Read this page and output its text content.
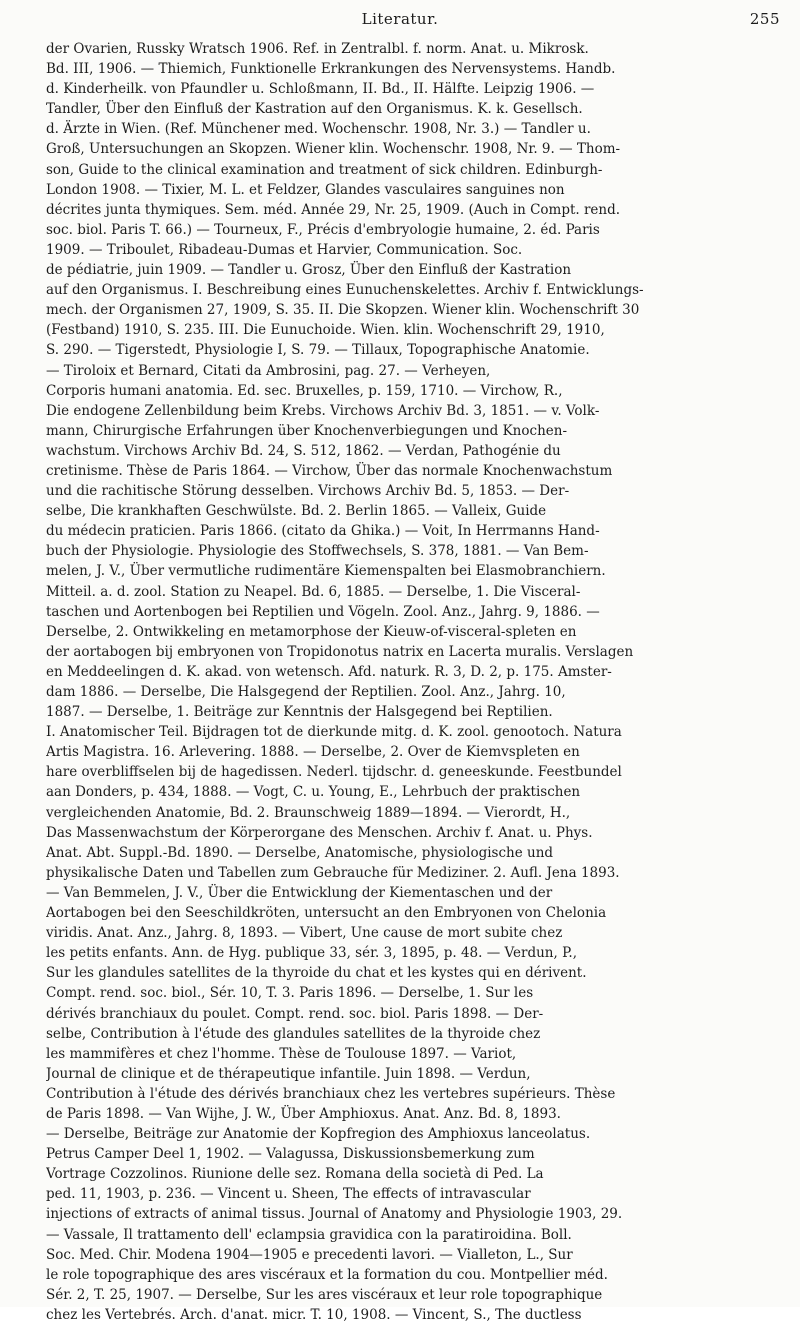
Literatur.	255
der Ovarien, Russky Wratsch 1906. Ref. in Zentralbl. f. norm. Anat. u. Mikrosk.
Bd. III, 1906. — Thiemich, Funktionelle Erkrankungen des Nervensystems. Handb.
d. Kinderheilk. von Pfaundler u. Schloßmann, II. Bd., II. Hälfte. Leipzig 1906. —
Tandler, Über den Einfluß der Kastration auf den Organismus. K. k. Gesellsch.
d. Ärzte in Wien. (Ref. Münchener med. Wochenschr. 1908, Nr. 3.) — Tandler u.
Groß, Untersuchungen an Skopzen. Wiener klin. Wochenschr. 1908, Nr. 9. — Thom-
son, Guide to the clinical examination and treatment of sick children. Edinburgh-
London 1908. — Tixier, M. L. et Feldzer, Glandes vasculaires sanguines non
décrites junta thymiques. Sem. méd. Année 29, Nr. 25, 1909. (Auch in Compt. rend.
soc. biol. Paris T. 66.) — Tourneux, F., Précis d'embryologie humaine, 2. éd. Paris
1909. — Triboulet, Ribadeau-Dumas et Harvier, Communication. Soc.
de pédiatrie, juin 1909. — Tandler u. Grosz, Über den Einfluß der Kastration
auf den Organismus. I. Beschreibung eines Eunuchenskelettes. Archiv f. Entwicklungs-
mech. der Organismen 27, 1909, S. 35. II. Die Skopzen. Wiener klin. Wochenschrift 30
(Festband) 1910, S. 235. III. Die Eunuchoide. Wien. klin. Wochenschrift 29, 1910,
S. 290. — Tigerstedt, Physiologie I, S. 79. — Tillaux, Topographische Anatomie.
— Tiroloix et Bernard, Citati da Ambrosini, pag. 27. — Verheyen,
Corporis humani anatomia. Ed. sec. Bruxelles, p. 159, 1710. — Virchow, R.,
Die endogene Zellenbildung beim Krebs. Virchows Archiv Bd. 3, 1851. — v. Volk-
mann, Chirurgische Erfahrungen über Knochenverbiegungen und Knochen-
wachstum. Virchows Archiv Bd. 24, S. 512, 1862. — Verdan, Pathogénie du
cretinisme. Thèse de Paris 1864. — Virchow, Über das normale Knochenwachstum
und die rachitische Störung desselben. Virchows Archiv Bd. 5, 1853. — Der-
selbe, Die krankhaften Geschwülste. Bd. 2. Berlin 1865. — Valleix, Guide
du médecin praticien. Paris 1866. (citato da Ghika.) — Voit, In Herrmanns Hand-
buch der Physiologie. Physiologie des Stoffwechsels, S. 378, 1881. — Van Bem-
melen, J. V., Über vermutliche rudimentäre Kiemenspalten bei Elasmobranchiern.
Mitteil. a. d. zool. Station zu Neapel. Bd. 6, 1885. — Derselbe, 1. Die Visceral-
taschen und Aortenbogen bei Reptilien und Vögeln. Zool. Anz., Jahrg. 9, 1886. —
Derselbe, 2. Ontwikkeling en metamorphose der Kieuw-of-visceral-spleten en
der aortabogen bij embryonen von Tropidonotus natrix en Lacerta muralis. Verslagen
en Meddeelingen d. K. akad. von wetensch. Afd. naturk. R. 3, D. 2, p. 175. Amster-
dam 1886. — Derselbe, Die Halsgegend der Reptilien. Zool. Anz., Jahrg. 10,
1887. — Derselbe, 1. Beiträge zur Kenntnis der Halsgegend bei Reptilien.
I. Anatomischer Teil. Bijdragen tot de dierkunde mitg. d. K. zool. genootoch. Natura
Artis Magistra. 16. Arlevering. 1888. — Derselbe, 2. Over de Kiemvspleten en
hare overbliffselen bij de hagedissen. Nederl. tijdschr. d. geneeskunde. Feestbundel
aan Donders, p. 434, 1888. — Vogt, C. u. Young, E., Lehrbuch der praktischen
vergleichenden Anatomie, Bd. 2. Braunschweig 1889—1894. — Vierordt, H.,
Das Massenwachstum der Körperorgane des Menschen. Archiv f. Anat. u. Phys.
Anat. Abt. Suppl.-Bd. 1890. — Derselbe, Anatomische, physiologische und
physikalische Daten und Tabellen zum Gebrauche für Mediziner. 2. Aufl. Jena 1893.
— Van Bemmelen, J. V., Über die Entwicklung der Kiementaschen und der
Aortabogen bei den Seeschildkröten, untersucht an den Embryonen von Chelonia
viridis. Anat. Anz., Jahrg. 8, 1893. — Vibert, Une cause de mort subite chez
les petits enfants. Ann. de Hyg. publique 33, sér. 3, 1895, p. 48. — Verdun, P.,
Sur les glandules satellites de la thyroide du chat et les kystes qui en dérivent.
Compt. rend. soc. biol., Sér. 10, T. 3. Paris 1896. — Derselbe, 1. Sur les
dérivés branchiaux du poulet. Compt. rend. soc. biol. Paris 1898. — Der-
selbe, Contribution à l'étude des glandules satellites de la thyroide chez
les mammifères et chez l'homme. Thèse de Toulouse 1897. — Variot,
Journal de clinique et de thérapeutique infantile. Juin 1898. — Verdun,
Contribution à l'étude des dérivés branchiaux chez les vertebres supérieurs. Thèse
de Paris 1898. — Van Wijhe, J. W., Über Amphioxus. Anat. Anz. Bd. 8, 1893.
— Derselbe, Beiträge zur Anatomie der Kopfregion des Amphioxus lanceolatus.
Petrus Camper Deel 1, 1902. — Valagussa, Diskussionsbemerkung zum
Vortrage Cozzolinos. Riunione delle sez. Romana della società di Ped. La
ped. 11, 1903, p. 236. — Vincent u. Sheen, The effects of intravascular
injections of extracts of animal tissus. Journal of Anatomy and Physiologie 1903, 29.
— Vassale, Il trattamento dell' eclampsia gravidica con la paratiroidina. Boll.
Soc. Med. Chir. Modena 1904—1905 e precedenti lavori. — Vialleton, L., Sur
le role topographique des ares viscéraux et la formation du cou. Montpellier méd.
Sér. 2, T. 25, 1907. — Derselbe, Sur les ares viscéraux et leur role topographique
chez les Vertebrés. Arch. d'anat. micr. T. 10, 1908. — Vincent, S., The ductless
